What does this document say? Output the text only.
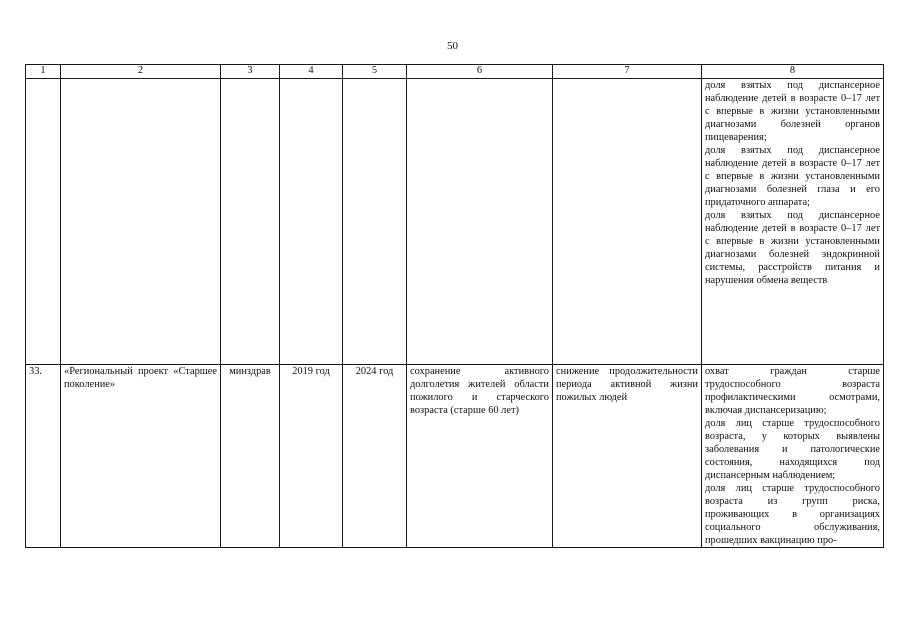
50
1	2	3	4	5	6	7	8

							доля взятых под диспансерное наблюдение детей в возрасте 0–17 лет с впервые в жизни установленными диагнозами болезней органов пищеварения;

доля взятых под диспансерное наблюдение детей в возрасте 0–17 лет с впервые в жизни установленными диагнозами болезней глаза и его придаточного аппарата;

доля взятых под диспансерное наблюдение детей в возрасте 0–17 лет с впервые в жизни установленными диагнозами болезней эндокринной системы, расстройств питания и нарушения обмена веществ

33.	«Региональный проект «Старшее поколение»	минздрав	2019 год	2024 год	сохранение активного долголетия жителей области пожилого и старческого возраста (старше 60 лет)	снижение продолжительности периода активной жизни пожилых людей	охват граждан старше трудоспособного возраста профилактическими осмотрами, включая диспансеризацию;

доля лиц старше трудоспособного возраста, у которых выявлены заболевания и патологические состояния, находящихся под диспансерным наблюдением;

доля лиц старше трудоспособного возраста из групп риска, проживающих в организациях социального обслуживания, прошедших вакцинацию про-
